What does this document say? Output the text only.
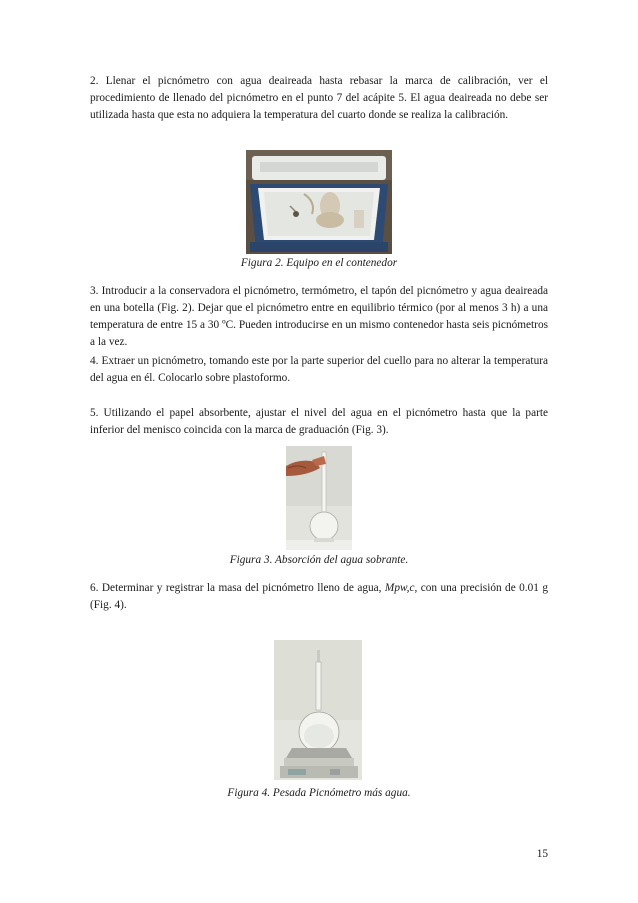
2. Llenar el picnómetro con agua deaireada hasta rebasar la marca de calibración, ver el procedimiento de llenado del picnómetro en el punto 7 del acápite 5. El agua deaireada no debe ser utilizada hasta que esta no adquiera la temperatura del cuarto donde se realiza la calibración.

Figura 2. Equipo en el contenedor

3. Introducir a la conservadora el picnómetro, termómetro, el tapón del picnómetro y agua deaireada en una botella (Fig. 2). Dejar que el picnómetro entre en equilibrio térmico (por al menos 3 h) a una temperatura de entre 15 a 30 ºC. Pueden introducirse en un mismo contenedor hasta seis picnómetros a la vez.

4. Extraer un picnómetro, tomando este por la parte superior del cuello para no alterar la temperatura del agua en él. Colocarlo sobre plastoformo.

5. Utilizando el papel absorbente, ajustar el nivel del agua en el picnómetro hasta que la parte inferior del menisco coincida con la marca de graduación (Fig. 3).

Figura 3. Absorción del agua sobrante.

6. Determinar y registrar la masa del picnómetro lleno de agua, Mpw,c, con una precisión de 0.01 g (Fig. 4).

Figura 4. Pesada Picnómetro más agua.

15
